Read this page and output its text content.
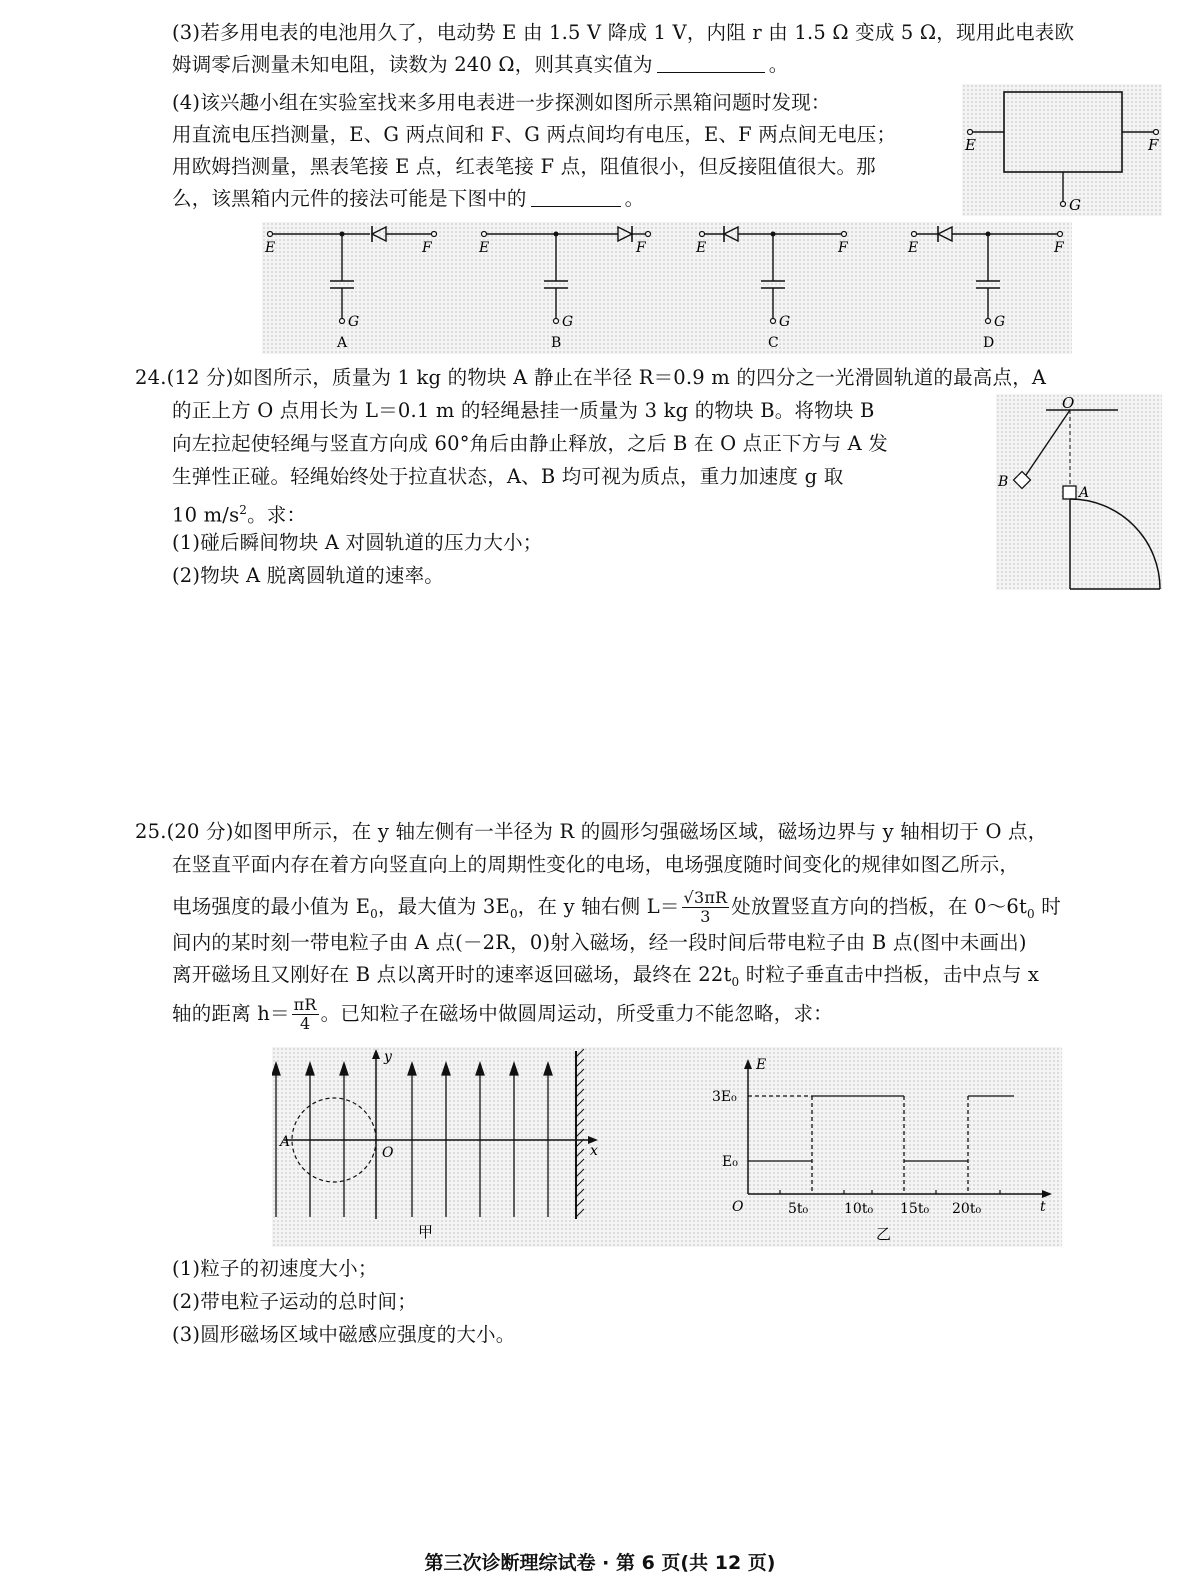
(3)若多用电表的电池用久了，电动势 E 由 1.5 V 降成 1 V，内阻 r 由 1.5 Ω 变成 5 Ω，现用此电表欧
姆调零后测量未知电阻，读数为 240 Ω，则其真实值为	。
(4)该兴趣小组在实验室找来多用电表进一步探测如图所示黑箱问题时发现：
用直流电压挡测量，E、G 两点间和 F、G 两点间均有电压，E、F 两点间无电压；
用欧姆挡测量，黑表笔接 E 点，红表笔接 F 点，阻值很小，但反接阻值很大。那
么，该黑箱内元件的接法可能是下图中的	。
E	F
G
E	F
G
A
E	F
G
B
E	F
G
C
E	F
G
D
24.(12 分)如图所示，质量为 1 kg 的物块 A 静止在半径 R＝0.9 m 的四分之一光滑圆轨道的最高点，A
的正上方 O 点用长为 L＝0.1 m 的轻绳悬挂一质量为 3 kg 的物块 B。将物块 B
向左拉起使轻绳与竖直方向成 60°角后由静止释放，之后 B 在 O 点正下方与 A 发
生弹性正碰。轻绳始终处于拉直状态，A、B 均可视为质点，重力加速度 g 取
10 $m/s^2$。求：
(1)碰后瞬间物块 A 对圆轨道的压力大小；
(2)物块 A 脱离圆轨道的速率。
O
A
B
25.(20 分)如图甲所示，在 y 轴左侧有一半径为 R 的圆形匀强磁场区域，磁场边界与 y 轴相切于 O 点，
在竖直平面内存在着方向竖直向上的周期性变化的电场，电场强度随时间变化的规律如图乙所示，
电场强度的最小值为 $E_0$，最大值为 $3E_0$，在 y 轴右侧 $L= \frac{√3\pi R}{3}$ 处放置竖直方向的挡板，在 $0\sim 6t_0$ 时
间内的某时刻一带电粒子由 A 点(－2R，0)射入磁场，经一段时间后带电粒子由 B 点(图中未画出)
离开磁场且又刚好在 B 点以离开时的速率返回磁场，最终在 $22t_0$ 时粒子垂直击中挡板，击中点与 x
轴的距离 $h= \frac{\pi R}{4}$ 。已知粒子在磁场中做圆周运动，所受重力不能忽略，求：
A
O
y
x
甲
E
t
O
3E₀
E₀
5t₀	10t₀ 15t₀ 20t₀
乙
(1)粒子的初速度大小；
(2)带电粒子运动的总时间；
(3)圆形磁场区域中磁感应强度的大小。
第三次诊断理综试卷 · 第 6 页(共 12 页)
